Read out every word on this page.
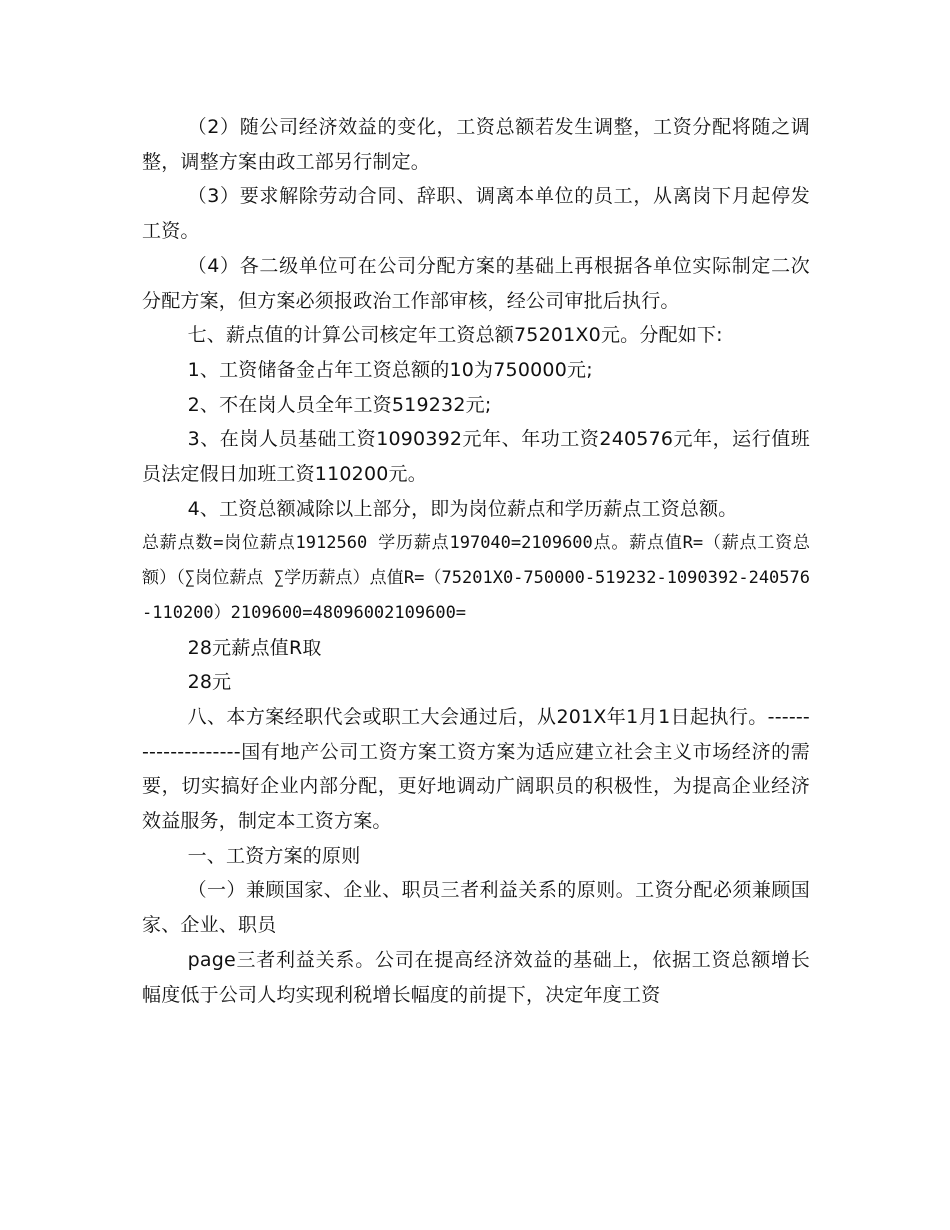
（2）随公司经济效益的变化，工资总额若发生调整，工资分配将随之调整，调整方案由政工部另行制定。

（3）要求解除劳动合同、辞职、调离本单位的员工，从离岗下月起停发工资。

（4）各二级单位可在公司分配方案的基础上再根据各单位实际制定二次分配方案，但方案必须报政治工作部审核，经公司审批后执行。

七、薪点值的计算公司核定年工资总额75201X0元。分配如下:

1、工资储备金占年工资总额的10为750000元;

2、不在岗人员全年工资519232元;

3、在岗人员基础工资1090392元年、年功工资240576元年，运行值班员法定假日加班工资110200元。

4、工资总额减除以上部分，即为岗位薪点和学历薪点工资总额。

总薪点数=岗位薪点1912560 学历薪点197040=2109600点。薪点值R=（薪点工资总额）（∑岗位薪点 ∑学历薪点）点值R=（75201X0-750000-519232-1090392-240576-110200）2109600=48096002109600=

28元薪点值R取

28元

八、本方案经职代会或职工大会通过后，从201X年1月1日起执行。--------------------国有地产公司工资方案工资方案为适应建立社会主义市场经济的需要，切实搞好企业内部分配，更好地调动广阔职员的积极性，为提高企业经济效益服务，制定本工资方案。

一、工资方案的原则

（一）兼顾国家、企业、职员三者利益关系的原则。工资分配必须兼顾国家、企业、职员

page三者利益关系。公司在提高经济效益的基础上，依据工资总额增长幅度低于公司人均实现利税增长幅度的前提下，决定年度工资
